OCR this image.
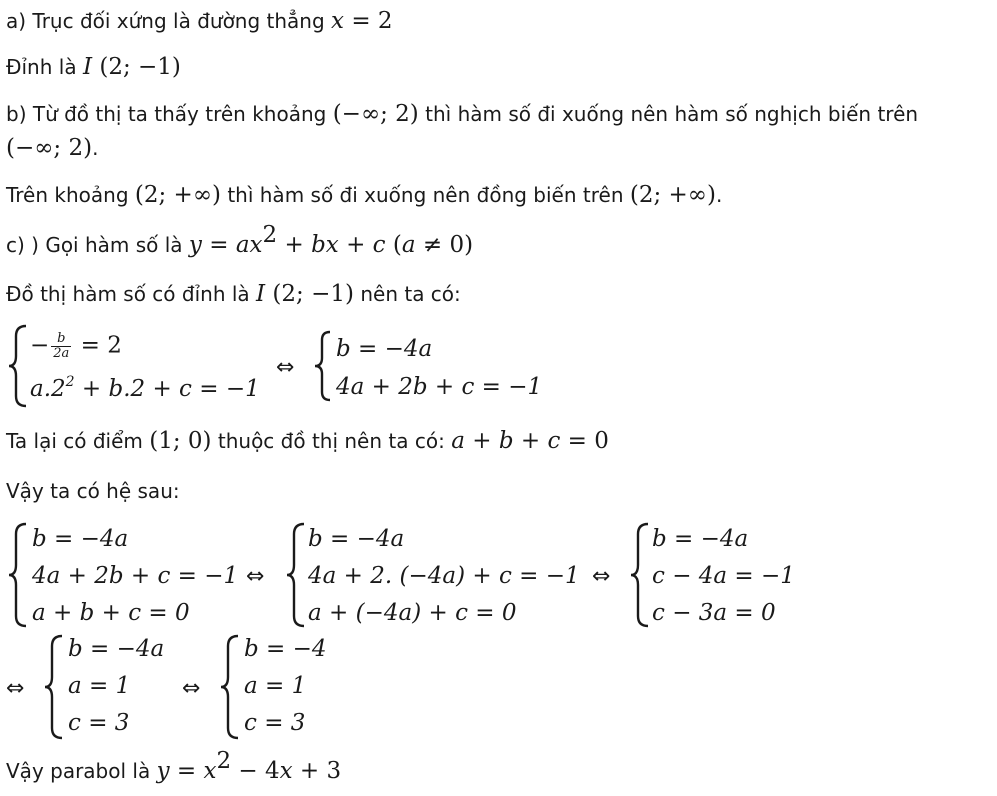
a) Trục đối xứng là đường thẳng x = 2
Đỉnh là I (2; −1)
b) Từ đồ thị ta thấy trên khoảng (−∞; 2) thì hàm số đi xuống nên hàm số nghịch biến trên
(−∞; 2).
Trên khoảng (2; +∞) thì hàm số đi xuống nên đồng biến trên (2; +∞).
c) ) Gọi hàm số là $y = ax^2$ + bx + c (a ≠ 0)
Đồ thị hàm số có đỉnh là I (2; −1) nên ta có:
− $\frac{b}{2a} = 2$
$a.2^2 + b.2 + c = -1$
⇔
b = −4a
4a + 2b + c = −1
Ta lại có điểm (1; 0) thuộc đồ thị nên ta có: a + b + c = 0
Vậy ta có hệ sau:
b = −4a
4a + 2b + c = −1
a + b + c = 0
⇔
b = −4a
4a + 2. (−4a) + c = −1
a + (−4a) + c = 0
⇔
b = −4a
c − 4a = −1
c − 3a = 0
⇔
b = −4a
a = 1
c = 3
⇔
b = −4
a = 1
c = 3
Vậy parabol là $y = x^2 - 4x + 3$
